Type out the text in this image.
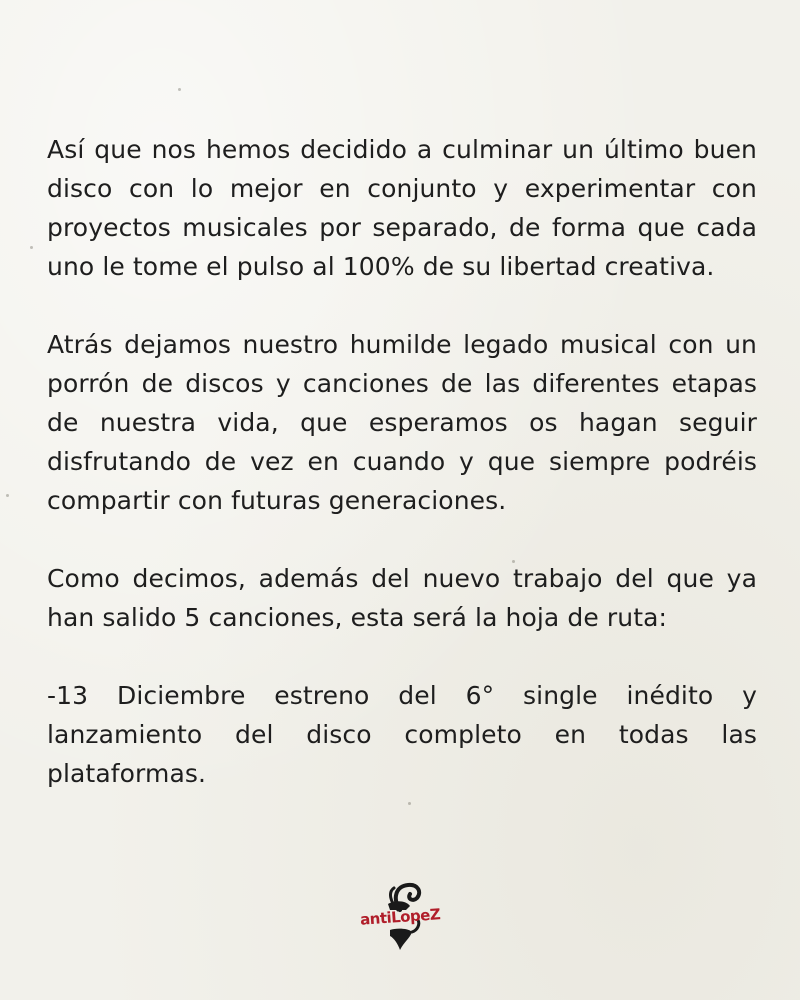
Así que nos hemos decidido a culminar un último buen disco con lo mejor en conjunto y experimentar con proyectos musicales por separado, de forma que cada uno le tome el pulso al 100% de su libertad creativa.

Atrás dejamos nuestro humilde legado musical con un porrón de discos y canciones de las diferentes etapas de nuestra vida, que esperamos os hagan seguir disfrutando de vez en cuando y que siempre podréis compartir con futuras generaciones.

Como decimos, además del nuevo trabajo del que ya han salido 5 canciones, esta será la hoja de ruta:

-13 Diciembre estreno del 6° single inédito y lanzamiento del disco completo en todas las plataformas.

antiLopeZ
